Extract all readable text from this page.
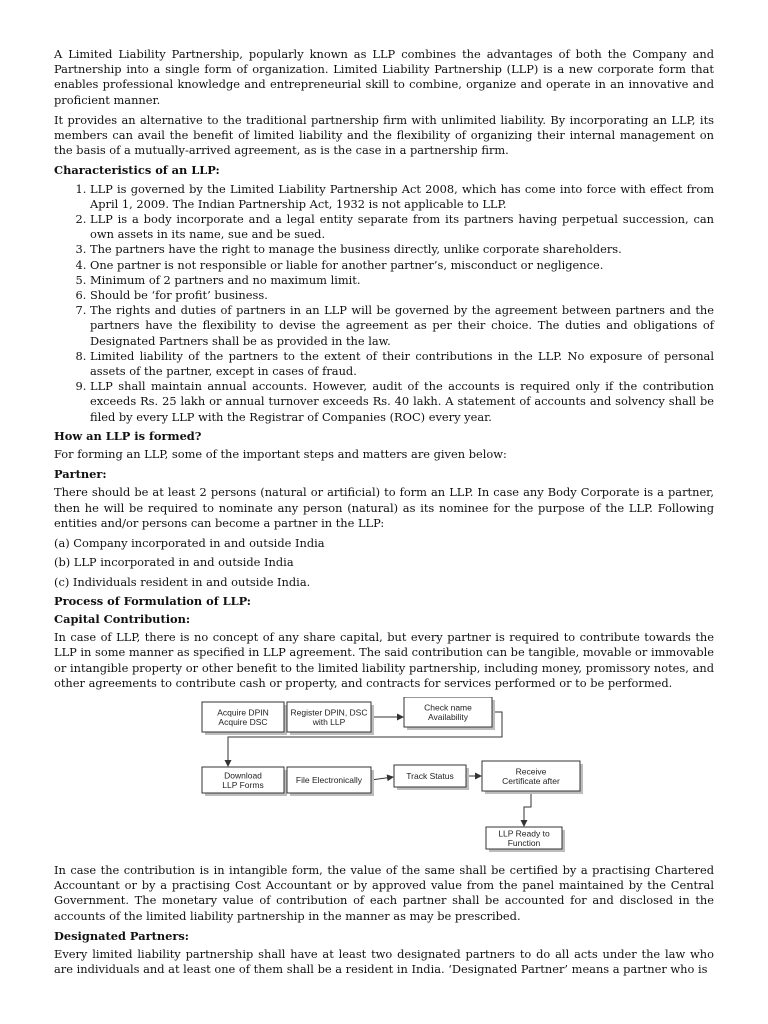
A Limited Liability Partnership, popularly known as LLP combines the advantages of both the Company and Partnership into a single form of organization. Limited Liability Partnership (LLP) is a new corporate form that enables professional knowledge and entrepreneurial skill to combine, organize and operate in an innovative and proficient manner.

It provides an alternative to the traditional partnership firm with unlimited liability. By incorporating an LLP, its members can avail the benefit of limited liability and the flexibility of organizing their internal management on the basis of a mutually-arrived agreement, as is the case in a partnership firm.

Characteristics of an LLP:
1. LLP is governed by the Limited Liability Partnership Act 2008, which has come into force with effect from April 1, 2009. The Indian Partnership Act, 1932 is not applicable to LLP.
2. LLP is a body incorporate and a legal entity separate from its partners having perpetual succession, can own assets in its name, sue and be sued.
3. The partners have the right to manage the business directly, unlike corporate shareholders.
4. One partner is not responsible or liable for another partner’s, misconduct or negligence.
5. Minimum of 2 partners and no maximum limit.
6. Should be ‘for profit’ business.
7. The rights and duties of partners in an LLP will be governed by the agreement between partners and the partners have the flexibility to devise the agreement as per their choice. The duties and obligations of Designated Partners shall be as provided in the law.
8. Limited liability of the partners to the extent of their contributions in the LLP. No exposure of personal assets of the partner, except in cases of fraud.
9. LLP shall maintain annual accounts. However, audit of the accounts is required only if the contribution exceeds Rs. 25 lakh or annual turnover exceeds Rs. 40 lakh. A statement of accounts and solvency shall be filed by every LLP with the Registrar of Companies (ROC) every year.
How an LLP is formed?

For forming an LLP, some of the important steps and matters are given below:

Partner:

There should be at least 2 persons (natural or artificial) to form an LLP. In case any Body Corporate is a partner, then he will be required to nominate any person (natural) as its nominee for the purpose of the LLP. Following entities and/or persons can become a partner in the LLP:

(a) Company incorporated in and outside India
(b) LLP incorporated in and outside India
(c) Individuals resident in and outside India.
Process of Formulation of LLP:
Capital Contribution:

In case of LLP, there is no concept of any share capital, but every partner is required to contribute towards the LLP in some manner as specified in LLP agreement. The said contribution can be tangible, movable or immovable or intangible property or other benefit to the limited liability partnership, including money, promissory notes, and other agreements to contribute cash or property, and contracts for services performed or to be performed.

Acquire DPIN
Acquire DSC
Register DPIN, DSC
with LLP
Check name
Availability
Download
LLP Forms	File Electronically	Track Status	Receive
Certificate after
LLP Ready to
Function

In case the contribution is in intangible form, the value of the same shall be certified by a practising Chartered Accountant or by a practising Cost Accountant or by approved value from the panel maintained by the Central Government. The monetary value of contribution of each partner shall be accounted for and disclosed in the accounts of the limited liability partnership in the manner as may be prescribed.

Designated Partners:

Every limited liability partnership shall have at least two designated partners to do all acts under the law who are individuals and at least one of them shall be a resident in India. ‘Designated Partner’ means a partner who is
